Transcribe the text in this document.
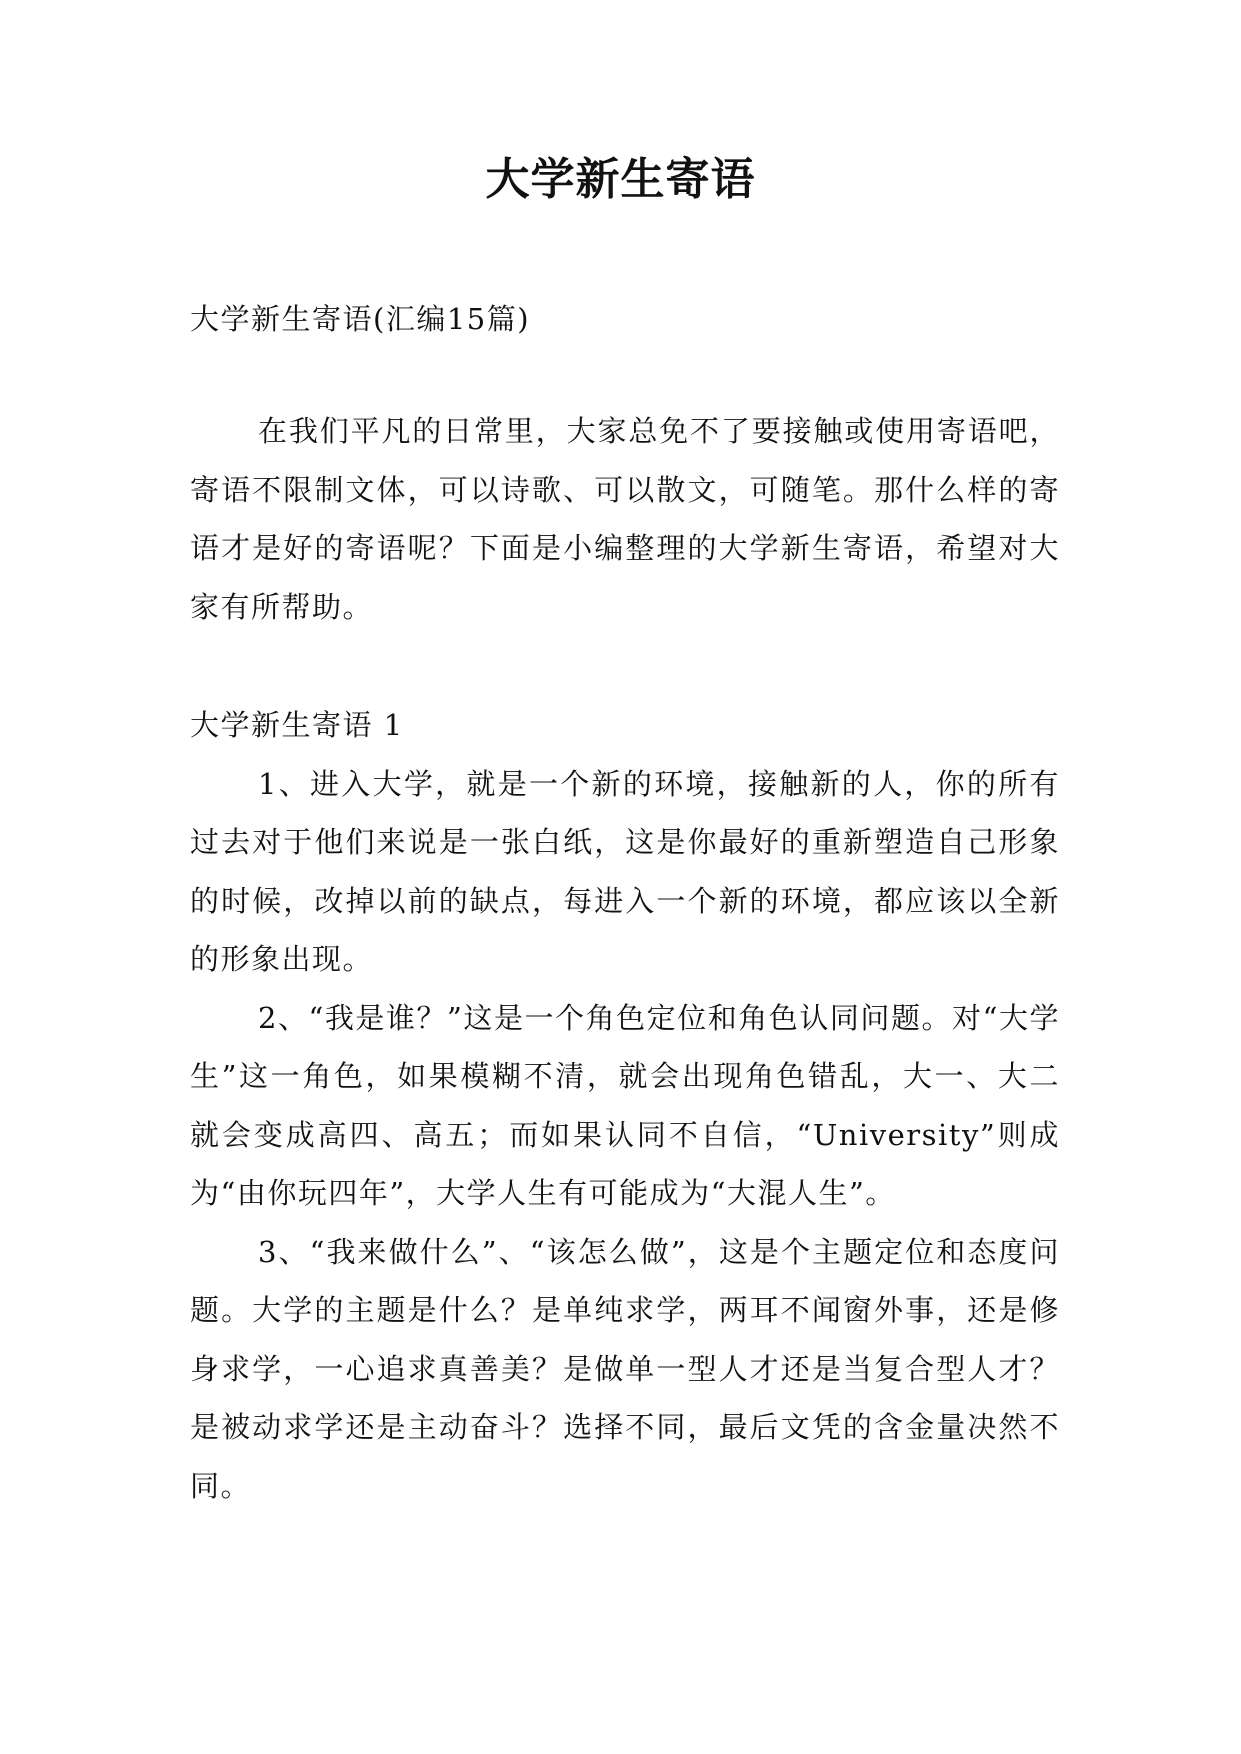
大学新生寄语
大学新生寄语(汇编15篇)
在我们平凡的日常里，大家总免不了要接触或使用寄语吧，寄语不限制文体，可以诗歌、可以散文，可随笔。那什么样的寄语才是好的寄语呢？下面是小编整理的大学新生寄语，希望对大家有所帮助。
大学新生寄语 1

1、进入大学，就是一个新的环境，接触新的人，你的所有过去对于他们来说是一张白纸，这是你最好的重新塑造自己形象的时候，改掉以前的缺点，每进入一个新的环境，都应该以全新的形象出现。

2、“我是谁？”这是一个角色定位和角色认同问题。对“大学生”这一角色，如果模糊不清，就会出现角色错乱，大一、大二就会变成高四、高五；而如果认同不自信，“University”则成为“由你玩四年”，大学人生有可能成为“大混人生”。

3、“我来做什么”、“该怎么做”，这是个主题定位和态度问题。大学的主题是什么？是单纯求学，两耳不闻窗外事，还是修身求学，一心追求真善美？是做单一型人才还是当复合型人才？是被动求学还是主动奋斗？选择不同，最后文凭的含金量决然不同。
